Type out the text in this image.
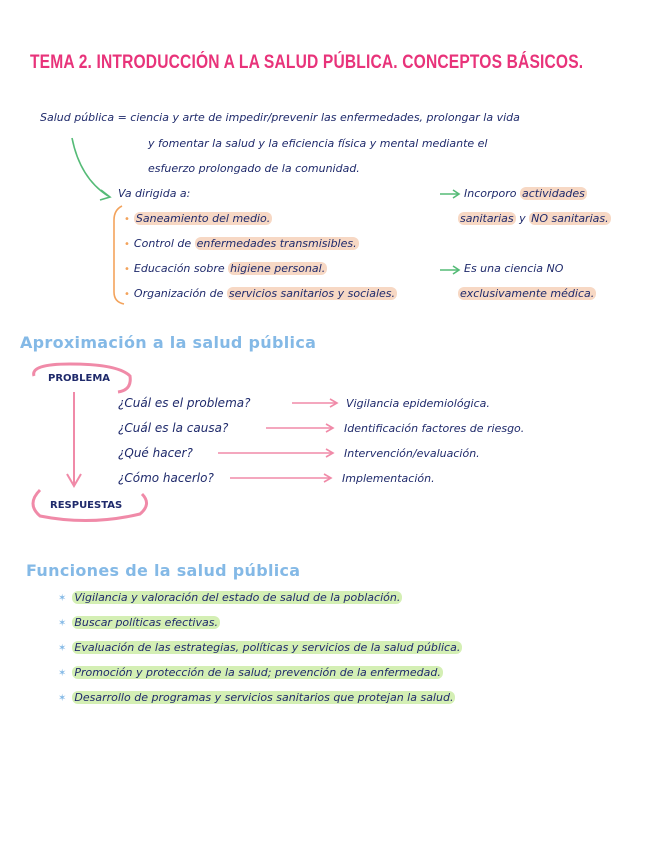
TEMA 2. INTRODUCCIÓN A LA SALUD PÚBLICA. CONCEPTOS BÁSICOS.
Salud pública = ciencia y arte de impedir/prevenir las enfermedades, prolongar la vida
y fomentar la salud y la eficiencia física y mental mediante el
esfuerzo prolongado de la comunidad.
Va dirigida a:
• Saneamiento del medio.
• Control de enfermedades transmisibles.
• Educación sobre higiene personal.
• Organización de servicios sanitarios y sociales.
Incorporo actividades
sanitarias y NO sanitarias.
Es una ciencia NO
exclusivamente médica.
Aproximación a la salud pública
PROBLEMA
RESPUESTAS
¿Cuál es el problema?	Vigilancia epidemiológica.
¿Cuál es la causa?	Identificación factores de riesgo.
¿Qué hacer?	Intervención/evaluación.
¿Cómo hacerlo?	Implementación.
Funciones de la salud pública
✶ Vigilancia y valoración del estado de salud de la población.
✶ Buscar políticas efectivas.
✶ Evaluación de las estrategias, políticas y servicios de la salud pública.
✶ Promoción y protección de la salud; prevención de la enfermedad.
✶ Desarrollo de programas y servicios sanitarios que protejan la salud.
